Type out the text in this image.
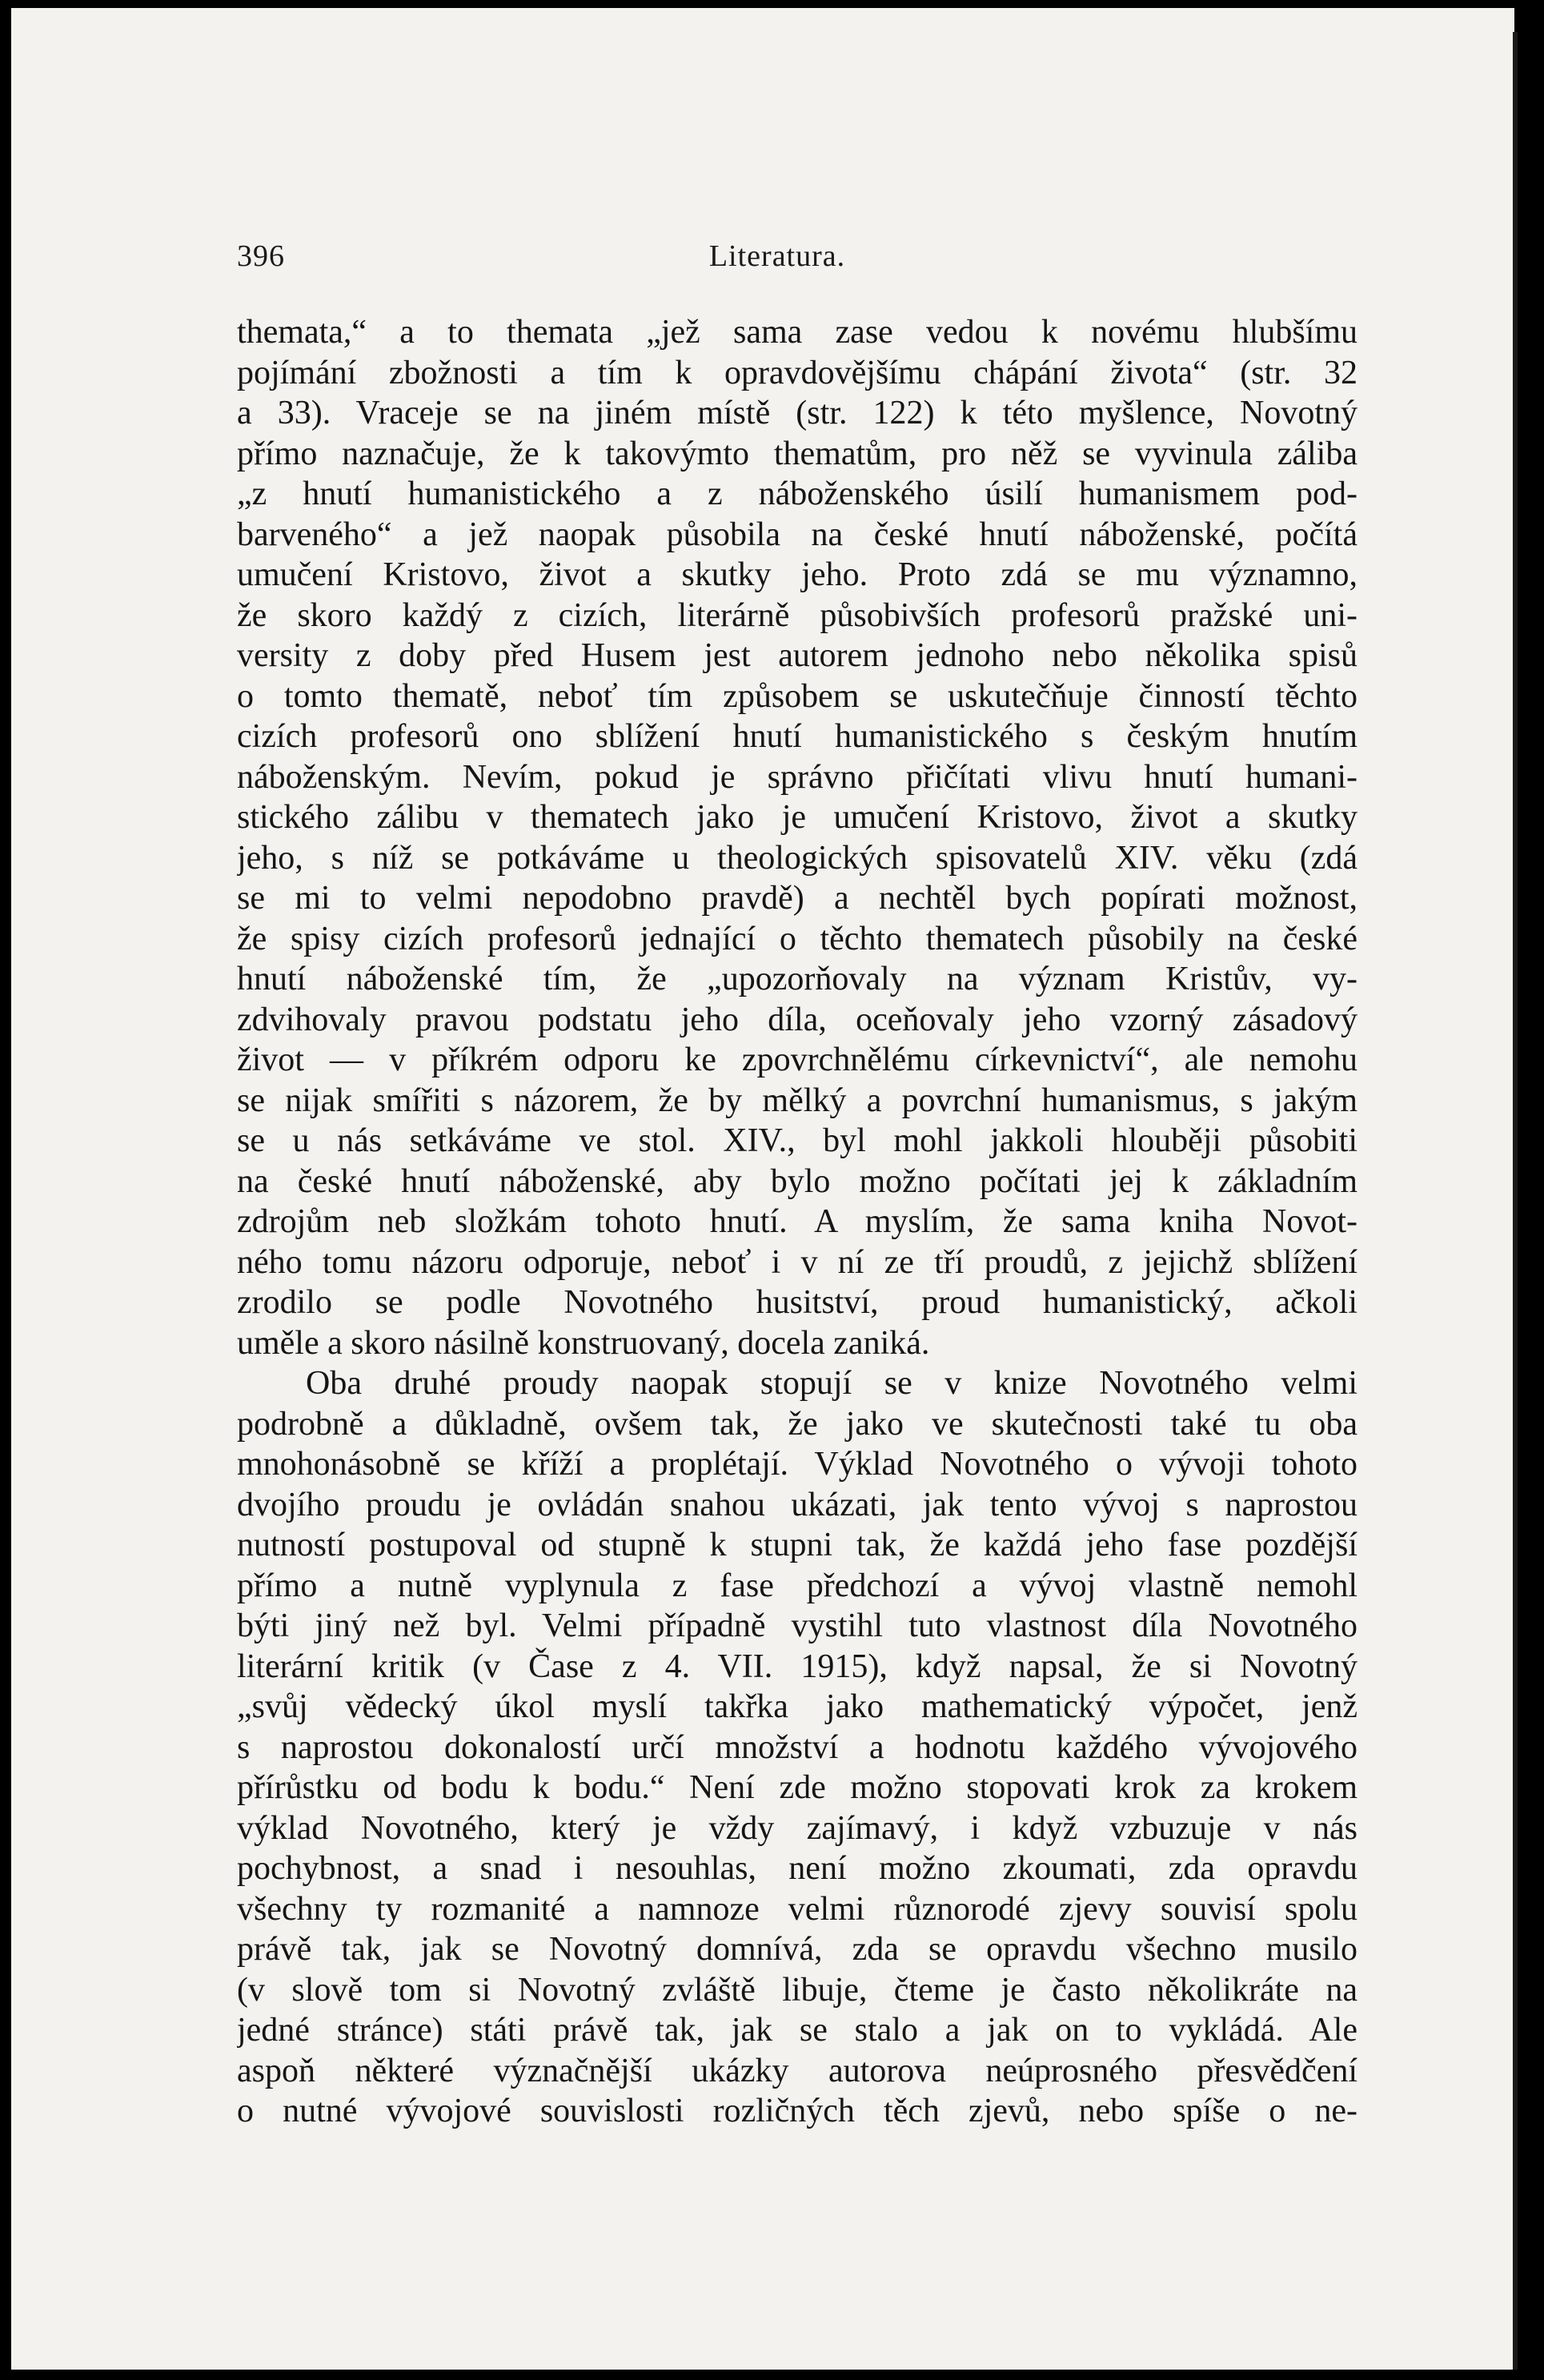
396	Literatura.
themata,“ a to themata „jež sama zase vedou k novému hlubšímu
pojímání zbožnosti a tím k opravdovějšímu chápání života“ (str. 32
a 33). Vraceje se na jiném místě (str. 122) k této myšlence, Novotný
přímo naznačuje, že k takovýmto thematům, pro něž se vyvinula záliba
„z hnutí humanistického a z náboženského úsilí humanismem pod-
barveného“ a jež naopak působila na české hnutí náboženské, počítá
umučení Kristovo, život a skutky jeho. Proto zdá se mu významno,
že skoro každý z cizích, literárně působivších profesorů pražské uni-
versity z doby před Husem jest autorem jednoho nebo několika spisů
o tomto thematě, neboť tím způsobem se uskutečňuje činností těchto
cizích profesorů ono sblížení hnutí humanistického s českým hnutím
náboženským. Nevím, pokud je správno přičítati vlivu hnutí humani-
stického zálibu v thematech jako je umučení Kristovo, život a skutky
jeho, s níž se potkáváme u theologických spisovatelů XIV. věku (zdá
se mi to velmi nepodobno pravdě) a nechtěl bych popírati možnost,
že spisy cizích profesorů jednající o těchto thematech působily na české
hnutí náboženské tím, že „upozorňovaly na význam Kristův, vy-
zdvihovaly pravou podstatu jeho díla, oceňovaly jeho vzorný zásadový
život — v příkrém odporu ke zpovrchnělému církevnictví“, ale nemohu
se nijak smířiti s názorem, že by mělký a povrchní humanismus, s jakým
se u nás setkáváme ve stol. XIV., byl mohl jakkoli hlouběji působiti
na české hnutí náboženské, aby bylo možno počítati jej k základním
zdrojům neb složkám tohoto hnutí. A myslím, že sama kniha Novot-
ného tomu názoru odporuje, neboť i v ní ze tří proudů, z jejichž sblížení
zrodilo se podle Novotného husitství, proud humanistický, ačkoli
uměle a skoro násilně konstruovaný, docela zaniká.
Oba druhé proudy naopak stopují se v knize Novotného velmi
podrobně a důkladně, ovšem tak, že jako ve skutečnosti také tu oba
mnohonásobně se kříží a proplétají. Výklad Novotného o vývoji tohoto
dvojího proudu je ovládán snahou ukázati, jak tento vývoj s naprostou
nutností postupoval od stupně k stupni tak, že každá jeho fase pozdější
přímo a nutně vyplynula z fase předchozí a vývoj vlastně nemohl
býti jiný než byl. Velmi případně vystihl tuto vlastnost díla Novotného
literární kritik (v Čase z 4. VII. 1915), když napsal, že si Novotný
„svůj vědecký úkol myslí takřka jako mathematický výpočet, jenž
s naprostou dokonalostí určí množství a hodnotu každého vývojového
přírůstku od bodu k bodu.“ Není zde možno stopovati krok za krokem
výklad Novotného, který je vždy zajímavý, i když vzbuzuje v nás
pochybnost, a snad i nesouhlas, není možno zkoumati, zda opravdu
všechny ty rozmanité a namnoze velmi různorodé zjevy souvisí spolu
právě tak, jak se Novotný domnívá, zda se opravdu všechno musilo
(v slově tom si Novotný zvláště libuje, čteme je často několikráte na
jedné stránce) státi právě tak, jak se stalo a jak on to vykládá. Ale
aspoň některé význačnější ukázky autorova neúprosného přesvědčení
o nutné vývojové souvislosti rozličných těch zjevů, nebo spíše o ne-
